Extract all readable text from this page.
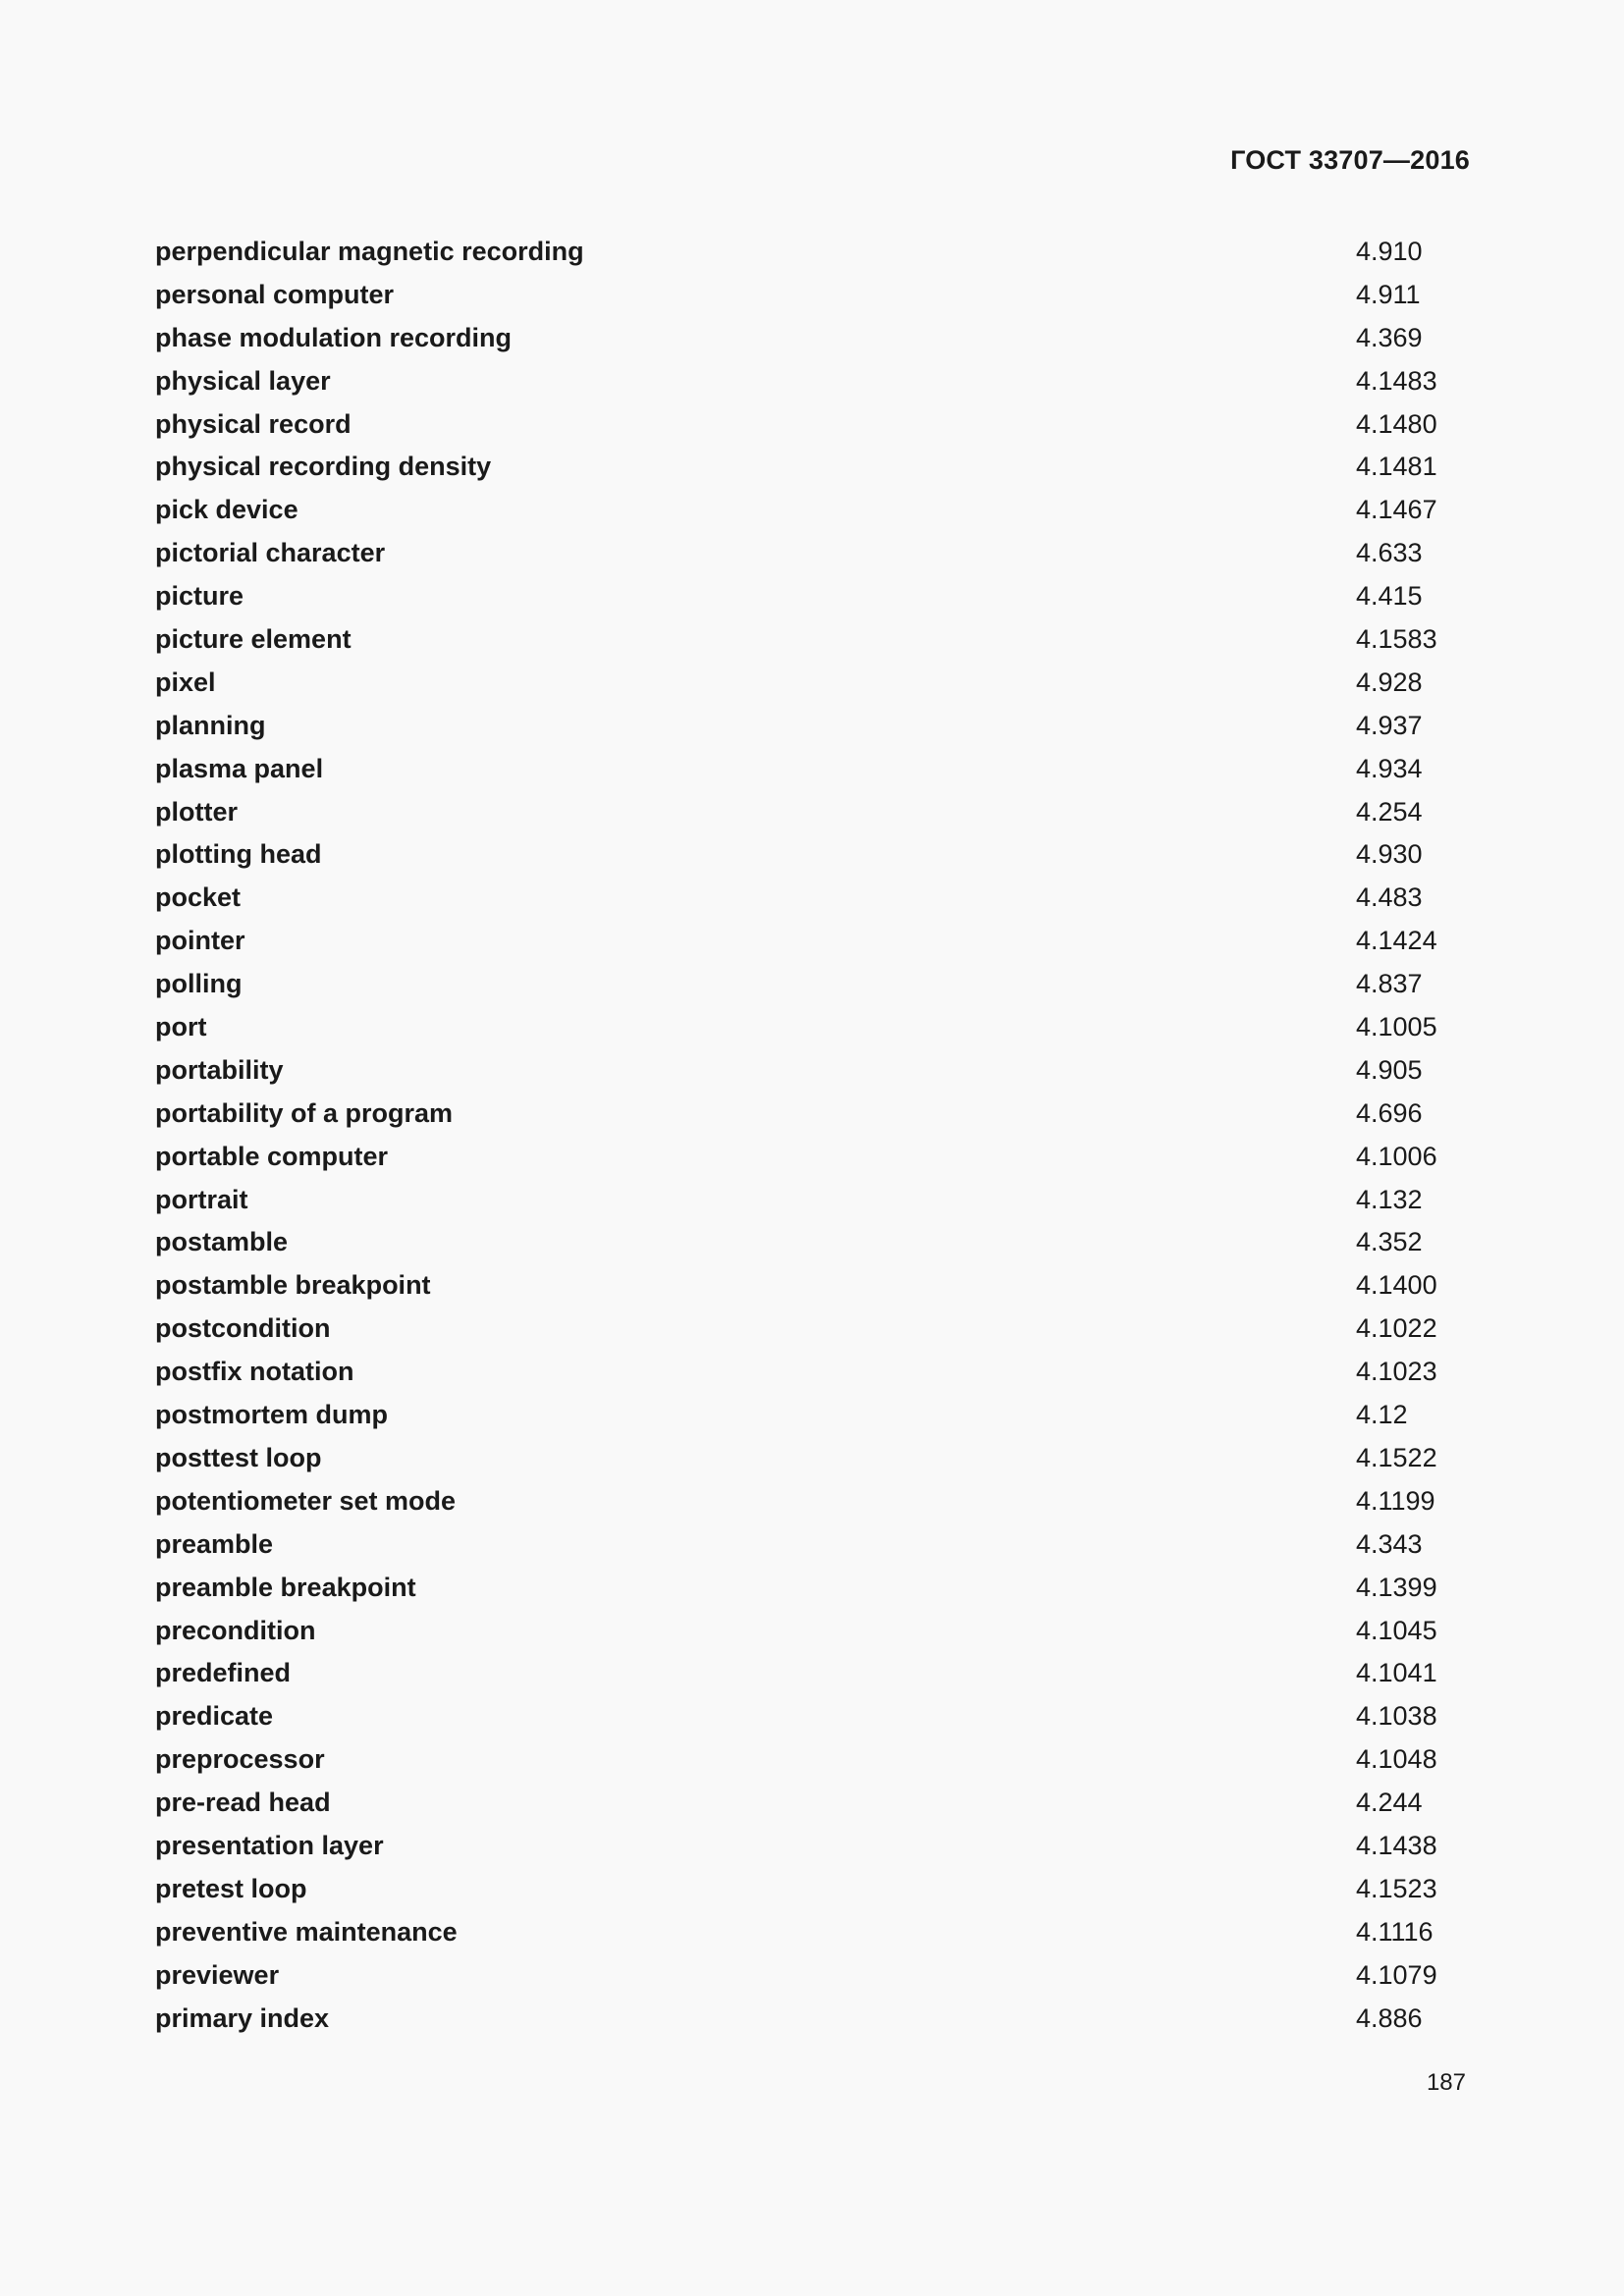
ГОСТ 33707—2016
perpendicular magnetic recording	4.910
personal computer	4.911
phase modulation recording	4.369
physical layer	4.1483
physical record	4.1480
physical recording density	4.1481
pick device	4.1467
pictorial character	4.633
picture	4.415
picture element	4.1583
pixel	4.928
planning	4.937
plasma panel	4.934
plotter	4.254
plotting head	4.930
pocket	4.483
pointer	4.1424
polling	4.837
port	4.1005
portability	4.905
portability of a program	4.696
portable computer	4.1006
portrait	4.132
postamble	4.352
postamble breakpoint	4.1400
postcondition	4.1022
postfix notation	4.1023
postmortem dump	4.12
posttest loop	4.1522
potentiometer set mode	4.1199
preamble	4.343
preamble breakpoint	4.1399
precondition	4.1045
predefined	4.1041
predicate	4.1038
preprocessor	4.1048
pre-read head	4.244
presentation layer	4.1438
pretest loop	4.1523
preventive maintenance	4.1116
previewer	4.1079
primary index	4.886
187
